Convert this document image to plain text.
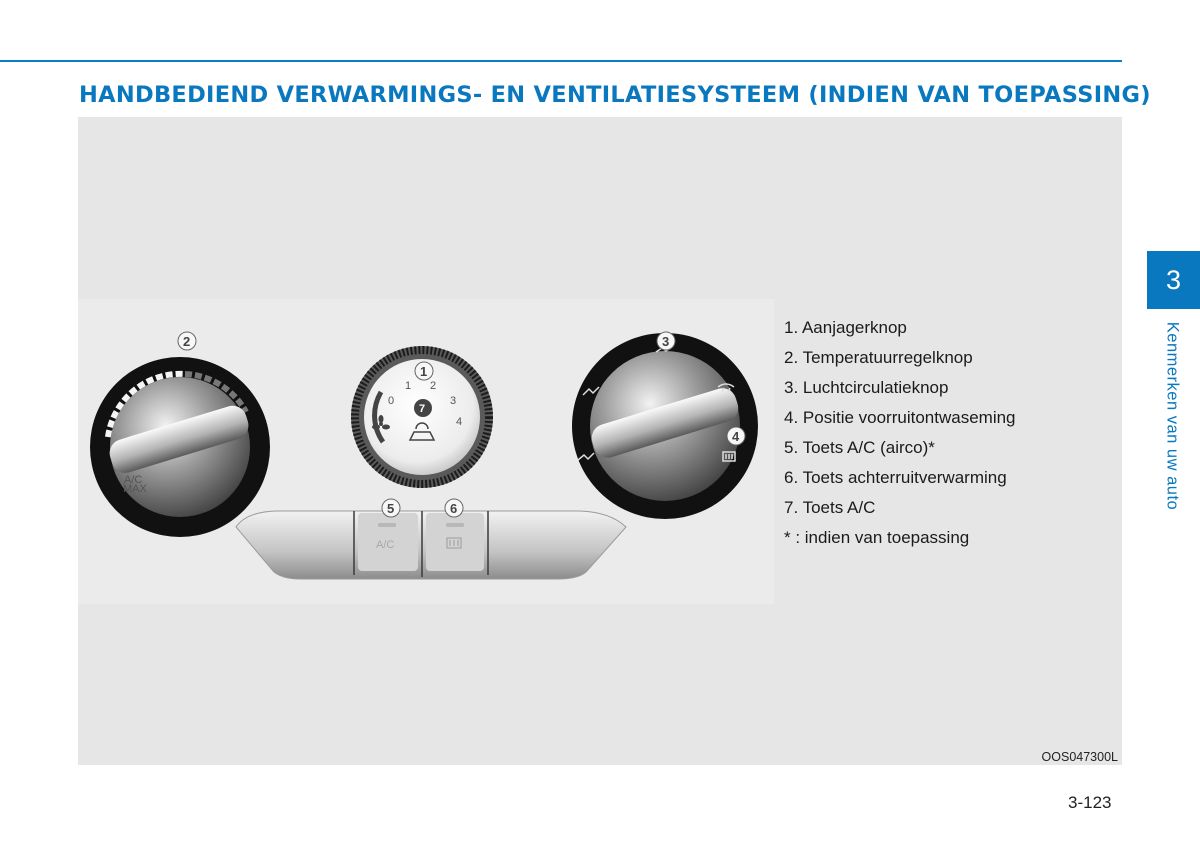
HANDBEDIEND VERWARMINGS- EN VENTILATIESYSTEEM (INDIEN VAN TOEPASSING)
A/C
MAX
0
1 2
3
4
7
A/C
1
2	3
4
5	6
1. Aanjagerknop
2. Temperatuurregelknop
3. Luchtcirculatieknop
4. Positie voorruitontwaseming
5. Toets A/C (airco)*
6. Toets achterruitverwarming
7. Toets A/C
* : indien van toepassing
OOS047300L
3
Kenmerken van uw auto
3-123
